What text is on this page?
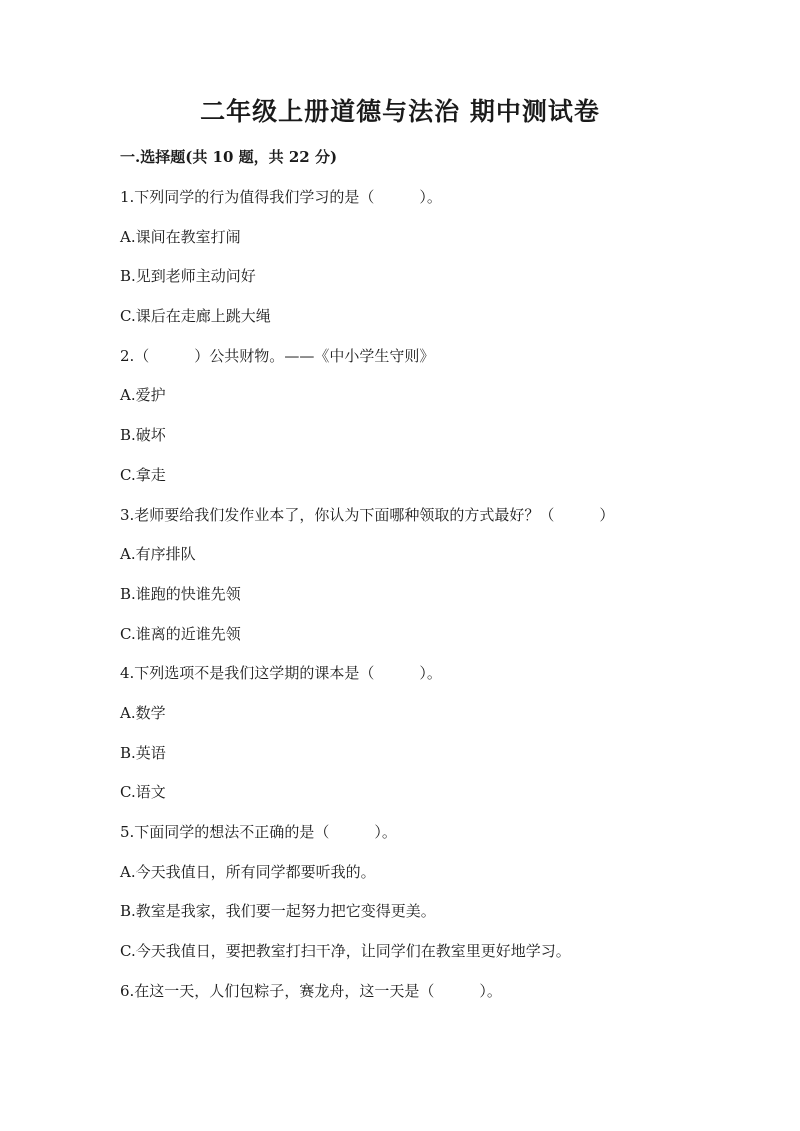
二年级上册道德与法治 期中测试卷
一.选择题(共 10 题，共 22 分)
1.下列同学的行为值得我们学习的是（　　　）。
A.课间在教室打闹
B.见到老师主动问好
C.课后在走廊上跳大绳
2.（　　　）公共财物。——《中小学生守则》
A.爱护
B.破坏
C.拿走
3.老师要给我们发作业本了，你认为下面哪种领取的方式最好？（　　　）
A.有序排队
B.谁跑的快谁先领
C.谁离的近谁先领
4.下列选项不是我们这学期的课本是（　　　）。
A.数学
B.英语
C.语文
5.下面同学的想法不正确的是（　　　）。
A.今天我值日，所有同学都要听我的。
B.教室是我家，我们要一起努力把它变得更美。
C.今天我值日，要把教室打扫干净，让同学们在教室里更好地学习。
6.在这一天，人们包粽子，赛龙舟，这一天是（　　　）。
